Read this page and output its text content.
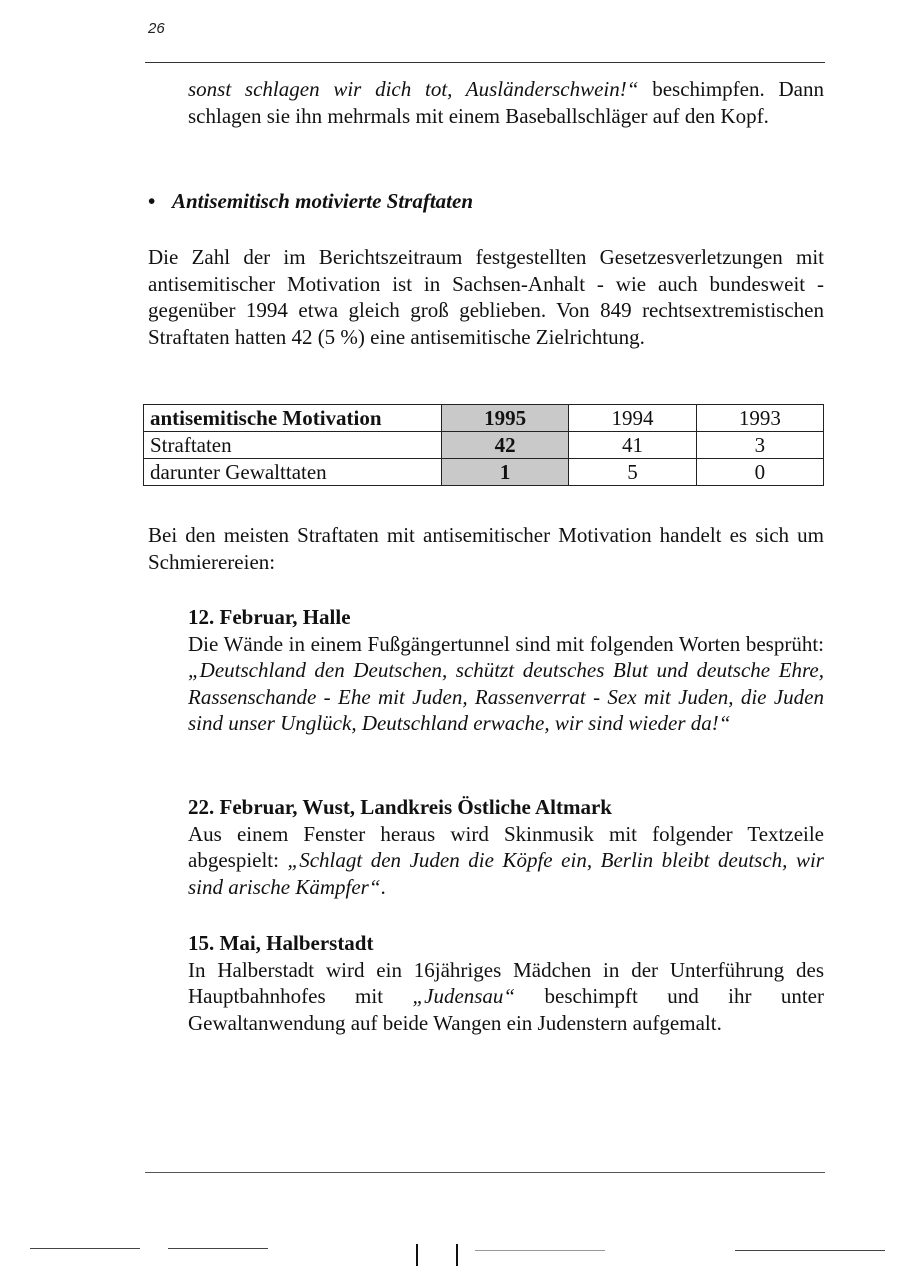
26
sonst schlagen wir dich tot, Ausländerschwein!“ beschimpfen. Dann schlagen sie ihn mehrmals mit einem Baseballschläger auf den Kopf.
• Antisemitisch motivierte Straftaten
Die Zahl der im Berichtszeitraum festgestellten Gesetzesverletzungen mit antisemitischer Motivation ist in Sachsen-Anhalt - wie auch bundesweit - gegenüber 1994 etwa gleich groß geblieben. Von 849 rechtsextremistischen Straftaten hatten 42 (5 %) eine antisemitische Zielrichtung.
antisemitische Motivation	1995	1994	1993
Straftaten	42	41	3
darunter Gewalttaten	1	5	0
Bei den meisten Straftaten mit antisemitischer Motivation handelt es sich um Schmierereien:
12. Februar, Halle
Die Wände in einem Fußgängertunnel sind mit folgenden Worten besprüht: „Deutschland den Deutschen, schützt deutsches Blut und deutsche Ehre, Rassenschande - Ehe mit Juden, Rassenverrat - Sex mit Juden, die Juden sind unser Unglück, Deutschland erwache, wir sind wieder da!“
22. Februar, Wust, Landkreis Östliche Altmark
Aus einem Fenster heraus wird Skinmusik mit folgender Textzeile abgespielt: „Schlagt den Juden die Köpfe ein, Berlin bleibt deutsch, wir sind arische Kämpfer“.
15. Mai, Halberstadt
In Halberstadt wird ein 16jähriges Mädchen in der Unterführung des Hauptbahnhofes mit „Judensau“ beschimpft und ihr unter Gewaltanwendung auf beide Wangen ein Judenstern aufgemalt.
